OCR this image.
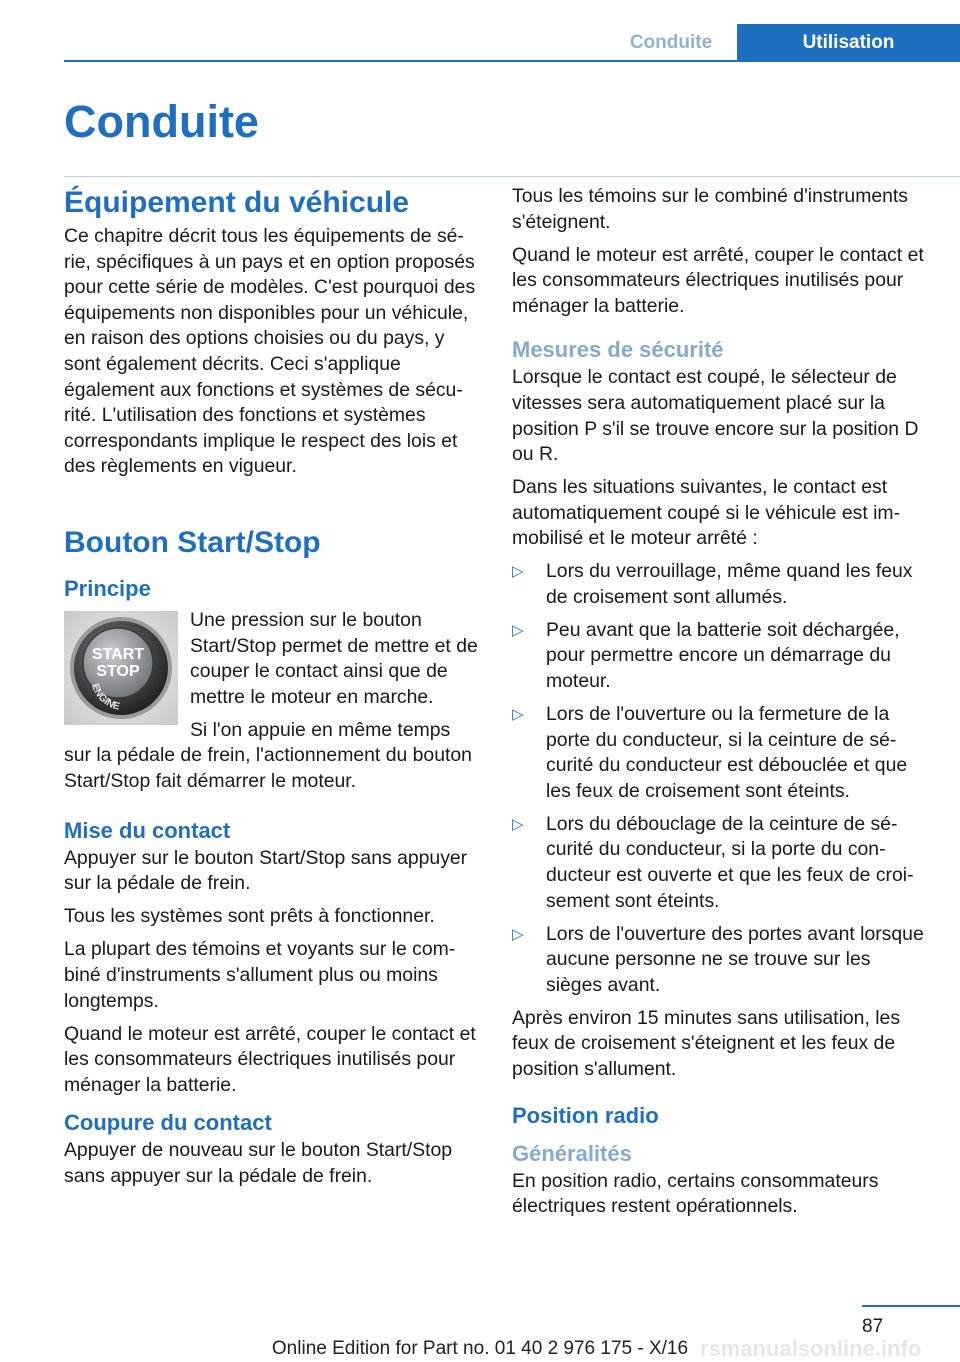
Conduite	Utilisation
Conduite
Équipement du véhicule

Ce chapitre décrit tous les équipements de série, spécifiques à un pays et en option proposés pour cette série de modèles. C'est pourquoi des équipements non disponibles pour un véhicule, en raison des options choisies ou du pays, y sont également décrits. Ceci s'applique également aux fonctions et systèmes de sécurité. L'utilisation des fonctions et systèmes correspondants implique le respect des lois et des règlements en vigueur.

Bouton Start/Stop
Principe
START
STOP
ENGINE

Une pression sur le bouton Start/Stop permet de mettre et de couper le contact ainsi que de mettre le moteur en marche.

Si l'on appuie en même temps sur la pédale de frein, l'actionnement du bouton Start/Stop fait démarrer le moteur.

Mise du contact

Appuyer sur le bouton Start/Stop sans appuyer sur la pédale de frein.

Tous les systèmes sont prêts à fonctionner.

La plupart des témoins et voyants sur le combiné d'instruments s'allument plus ou moins longtemps.

Quand le moteur est arrêté, couper le contact et les consommateurs électriques inutilisés pour ménager la batterie.

Coupure du contact

Appuyer de nouveau sur le bouton Start/Stop sans appuyer sur la pédale de frein.

Tous les témoins sur le combiné d'instruments s'éteignent.

Quand le moteur est arrêté, couper le contact et les consommateurs électriques inutilisés pour ménager la batterie.

Mesures de sécurité

Lorsque le contact est coupé, le sélecteur de vitesses sera automatiquement placé sur la position P s'il se trouve encore sur la position D ou R.

Dans les situations suivantes, le contact est automatiquement coupé si le véhicule est immobilisé et le moteur arrêté :

▷ Lors du verrouillage, même quand les feux de croisement sont allumés.
▷ Peu avant que la batterie soit déchargée, pour permettre encore un démarrage du moteur.
▷ Lors de l'ouverture ou la fermeture de la porte du conducteur, si la ceinture de sécurité du conducteur est débouclée et que les feux de croisement sont éteints.
▷ Lors du débouclage de la ceinture de sécurité du conducteur, si la porte du conducteur est ouverte et que les feux de croisement sont éteints.
▷ Lors de l'ouverture des portes avant lorsque aucune personne ne se trouve sur les sièges avant.

Après environ 15 minutes sans utilisation, les feux de croisement s'éteignent et les feux de position s'allument.

Position radio
Généralités

En position radio, certains consommateurs électriques restent opérationnels.

87
rsmanualsonline.info
Online Edition for Part no. 01 40 2 976 175 - X/16
